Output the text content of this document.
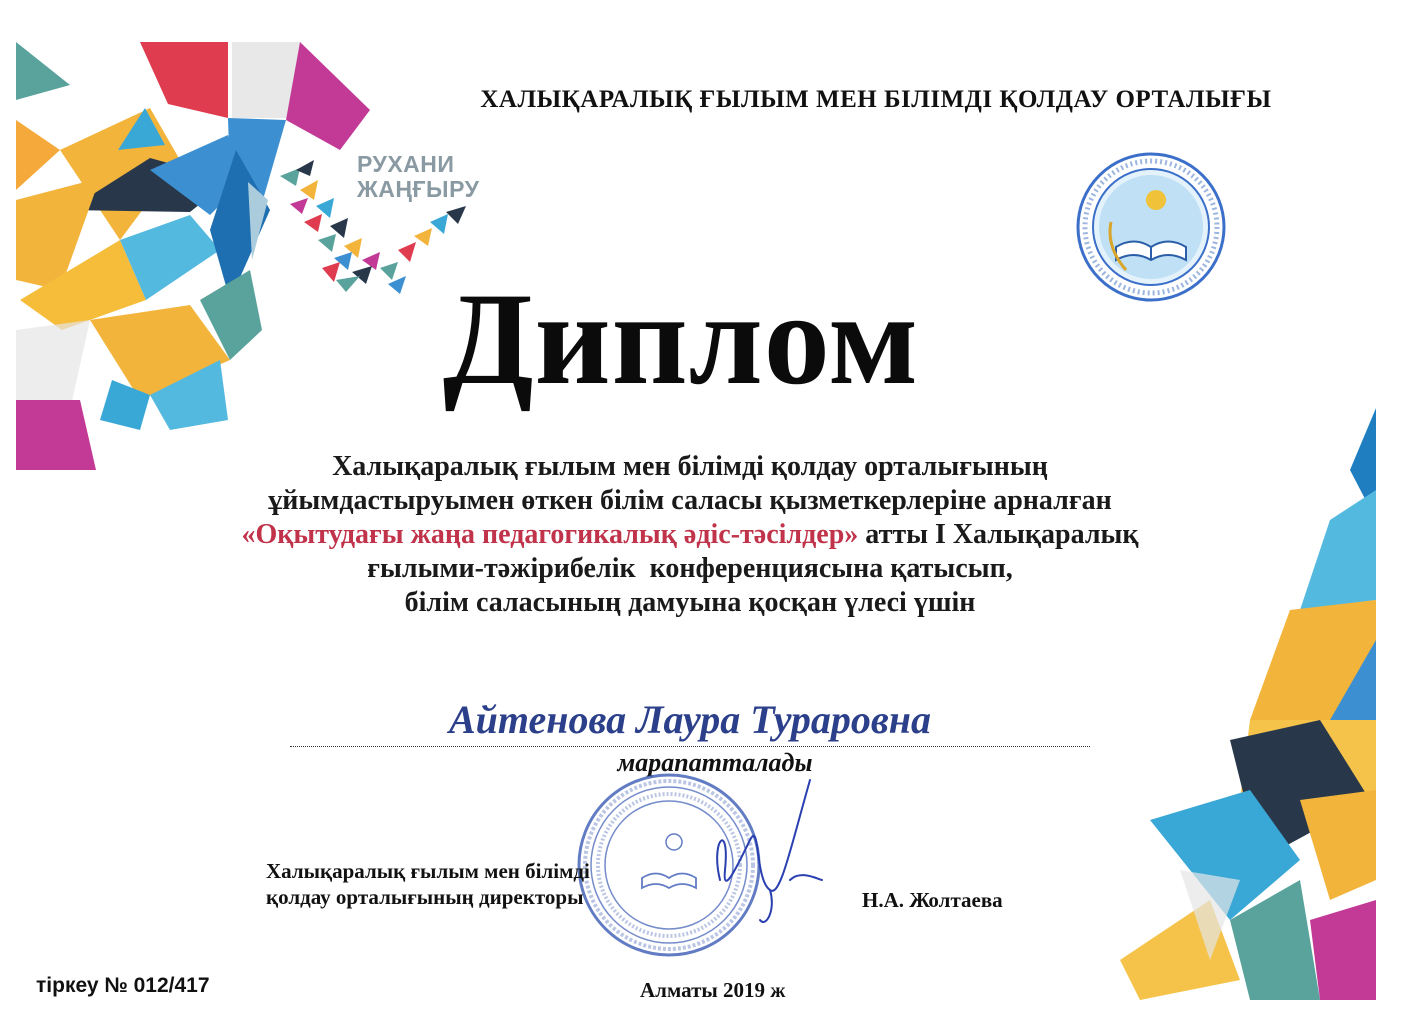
РУХАНИ
ЖАҢҒЫРУ

ХАЛЫҚАРАЛЫҚ ҒЫЛЫМ МЕН БІЛІМДІ ҚОЛДАУ ОРТАЛЫҒЫ

Диплом
Халықаралық ғылым мен білімді қолдау орталығының
ұйымдастыруымен өткен білім саласы қызметкерлеріне арналған
«Оқытудағы жаңа педагогикалық әдіс-тәсілдер» атты І Халықаралық
ғылыми-тәжірибелік  конференциясына қатысып,
білім саласының дамуына қосқан үлесі үшін
Айтенова Лаура Тураровна
марапатталады
Халықаралық ғылым мен білімді
қолдау орталығының директоры	Н.А. Жолтаева
тіркеу № 012/417	Алматы 2019 ж
